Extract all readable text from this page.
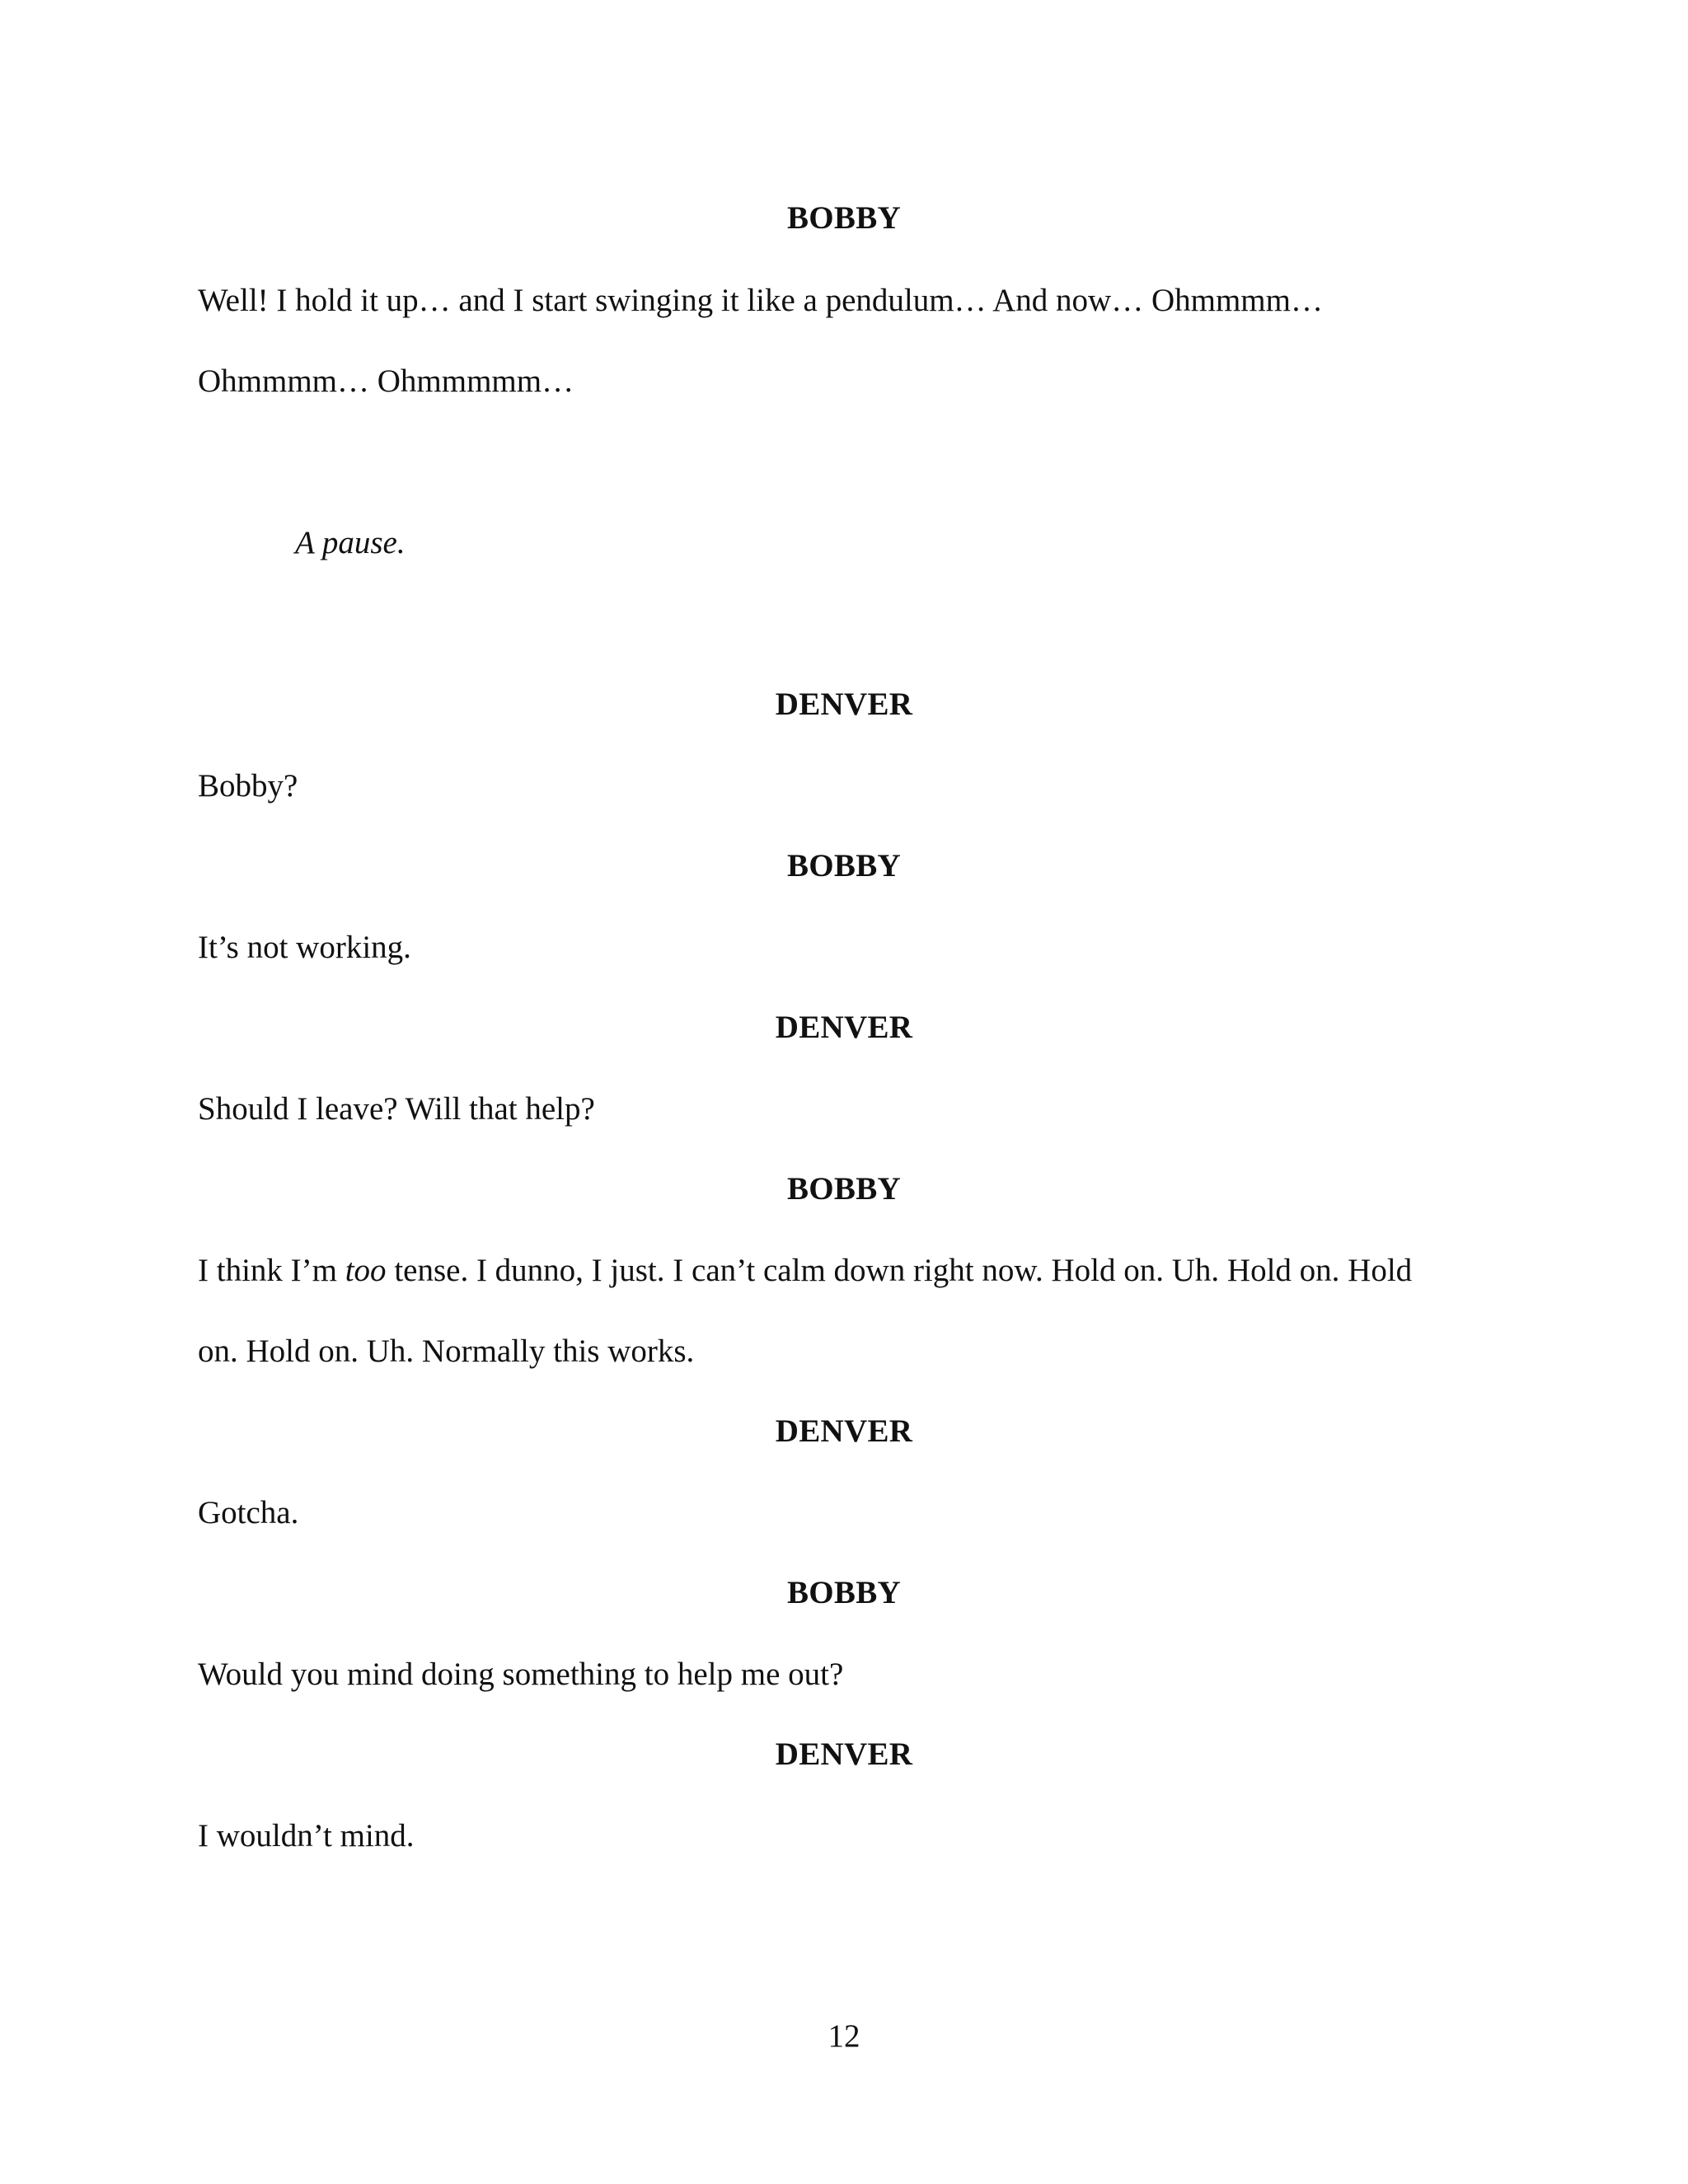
BOBBY
Well! I hold it up… and I start swinging it like a pendulum… And now… Ohmmmm…
Ohmmmm… Ohmmmmm…
A pause.
DENVER
Bobby?
BOBBY
It’s not working.
DENVER
Should I leave? Will that help?
BOBBY
I think I’m too tense. I dunno, I just. I can’t calm down right now. Hold on. Uh. Hold on. Hold
on. Hold on. Uh. Normally this works.
DENVER
Gotcha.
BOBBY
Would you mind doing something to help me out?
DENVER
I wouldn’t mind.
12
